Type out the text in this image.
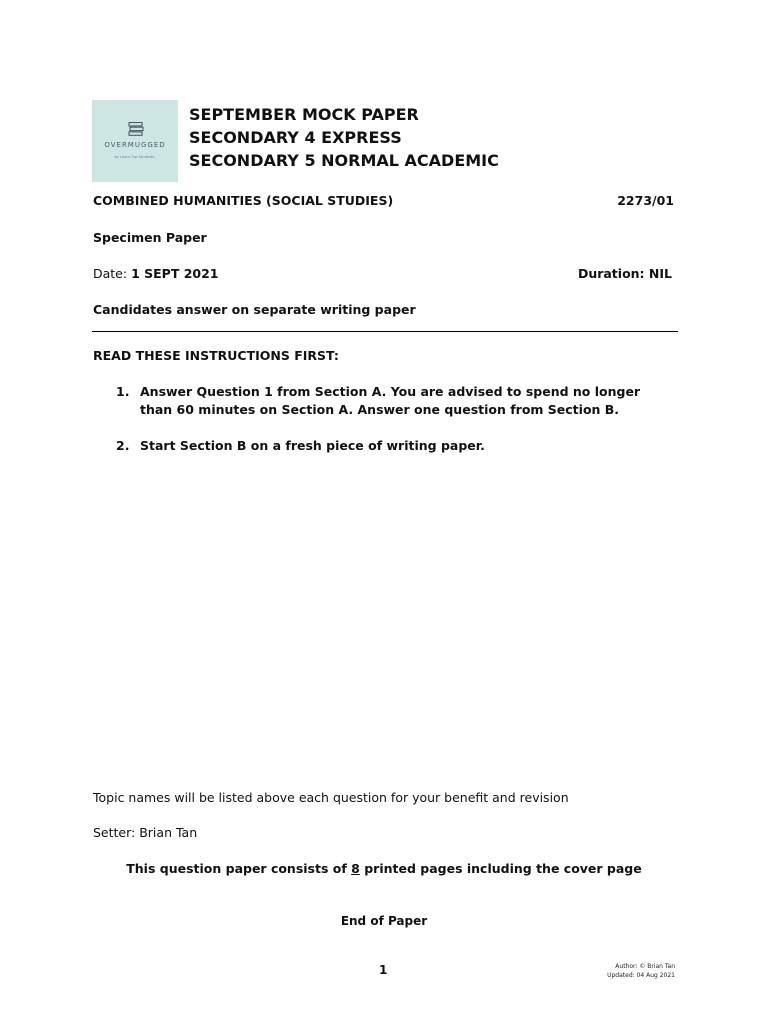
OVERMUGGED
by Learn. For Students.
SEPTEMBER MOCK PAPER
SECONDARY 4 EXPRESS
SECONDARY 5 NORMAL ACADEMIC
COMBINED HUMANITIES (SOCIAL STUDIES)	2273/01
Specimen Paper
Date: 1 SEPT 2021	Duration: NIL
Candidates answer on separate writing paper
READ THESE INSTRUCTIONS FIRST:
1. Answer Question 1 from Section A. You are advised to spend no longer than 60 minutes on Section A. Answer one question from Section B.
2. Start Section B on a fresh piece of writing paper.
Topic names will be listed above each question for your benefit and revision
Setter: Brian Tan
This question paper consists of 8 printed pages including the cover page
End of Paper
1	Author: © Brian Tan
Updated: 04 Aug 2021
